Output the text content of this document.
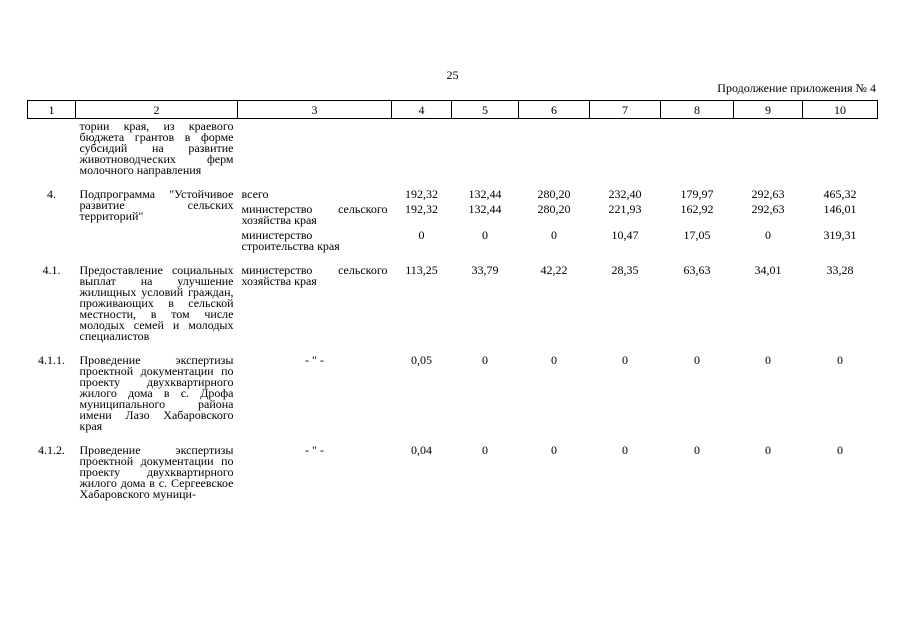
25
Продолжение приложения № 4
1	2	3	4	5	6	7	8	9	10
	тории края, из краевого бюджета грантов в форме субсидий на развитие животноводческих ферм молочного направления								
4.	Подпрограмма "Устойчивое развитие сельских территорий"	всего	192,32	132,44	280,20	232,40	179,97	292,63	465,32
		министерство сельского хозяйства края	192,32	132,44	280,20	221,93	162,92	292,63	146,01
		министерство строительства края	0	0	0	10,47	17,05	0	319,31
4.1.	Предоставление социальных выплат на улучшение жилищных условий граждан, проживающих в сельской местности, в том числе молодых семей и молодых специалистов	министерство сельского хозяйства края	113,25	33,79	42,22	28,35	63,63	34,01	33,28
4.1.1.	Проведение экспертизы проектной документации по проекту двухквартирного жилого дома в с. Дрофа муниципального района имени Лазо Хабаровского края	- " -	0,05	0	0	0	0	0	0
4.1.2.	Проведение экспертизы проектной документации по проекту двухквартирного жилого дома в с. Сергеевское Хабаровского муници-	- " -	0,04	0	0	0	0	0	0
